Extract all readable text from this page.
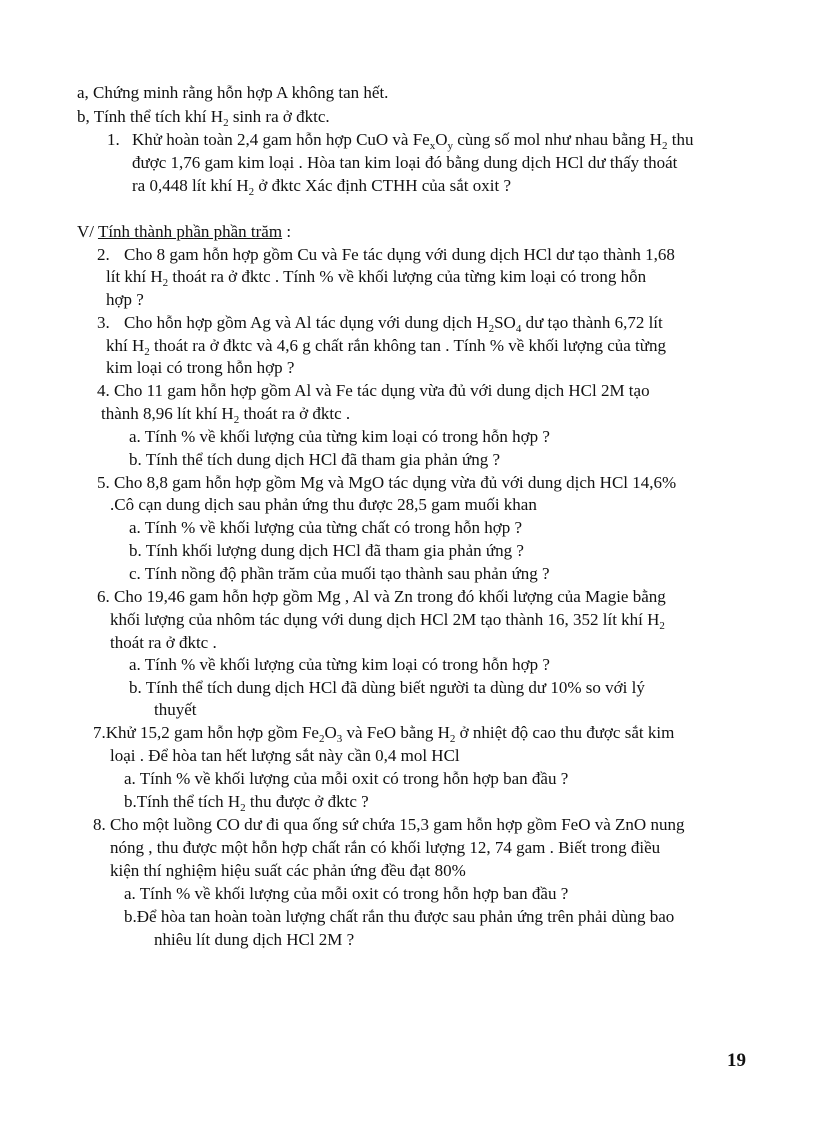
a, Chứng minh rằng hỗn hợp A không tan hết.
b, Tính thể tích khí $H_2$ sinh ra ở đktc.
1. Khử hoàn toàn 2,4 gam hỗn hợp CuO và $Fe_xO_y$ cùng số mol như nhau bằng $H_2$ thu
được 1,76 gam kim loại . Hòa tan kim loại đó bằng dung dịch HCl dư thấy thoát
ra 0,448 lít khí $H_2$ ở đktc Xác định CTHH của sắt oxit ?
V/ Tính thành phần phần trăm :
2. Cho 8 gam hỗn hợp gồm Cu và Fe tác dụng với dung dịch HCl dư tạo thành 1,68
lít khí $H_2$ thoát ra ở đktc . Tính % về khối lượng của từng kim loại có trong hỗn
hợp ?
3. Cho hỗn hợp gồm Ag và Al tác dụng với dung dịch $H_2SO_4$ dư tạo thành 6,72 lít
khí $H_2$ thoát ra ở đktc và 4,6 g chất rắn không tan . Tính % về khối lượng của từng
kim loại có trong hỗn hợp ?
4. Cho 11 gam hỗn hợp gồm Al và Fe tác dụng vừa đủ với dung dịch HCl 2M tạo
thành 8,96 lít khí $H_2$ thoát ra ở đktc .
a. Tính % về khối lượng của từng kim loại có trong hỗn hợp ?
b. Tính thể tích dung dịch HCl đã tham gia phản ứng ?
5. Cho 8,8 gam hỗn hợp gồm Mg và MgO tác dụng vừa đủ với dung dịch HCl 14,6%
.Cô cạn dung dịch sau phản ứng thu được 28,5 gam muối khan
a. Tính % về khối lượng của từng chất có trong hỗn hợp ?
b. Tính khối lượng dung dịch HCl đã tham gia phản ứng ?
c. Tính nồng độ phần trăm của muối tạo thành sau phản ứng ?
6. Cho 19,46 gam hỗn hợp gồm Mg , Al và Zn trong đó khối lượng của Magie bằng
khối lượng của nhôm tác dụng với dung dịch HCl 2M tạo thành 16, 352 lít khí $H_2$
thoát ra ở đktc .
a. Tính % về khối lượng của từng kim loại có trong hỗn hợp ?
b. Tính thể tích dung dịch HCl đã dùng biết người ta dùng dư 10% so với lý
thuyết
7.Khử 15,2 gam hỗn hợp gồm $Fe_2O_3$ và FeO bằng $H_2$ ở nhiệt độ cao thu được sắt kim
loại . Để hòa tan hết lượng sắt này cần 0,4 mol HCl
a. Tính % về khối lượng của mỗi oxit có trong hỗn hợp ban đầu ?
b.Tính thể tích $H_2$ thu được ở đktc ?
8. Cho một luồng CO dư đi qua ống sứ chứa 15,3 gam hỗn hợp gồm FeO và ZnO nung
nóng , thu được một hỗn hợp chất rắn có khối lượng 12, 74 gam . Biết trong điều
kiện thí nghiệm hiệu suất các phản ứng đều đạt 80%
a. Tính % về khối lượng của mỗi oxit có trong hỗn hợp ban đầu ?
b.Để hòa tan hoàn toàn lượng chất rắn thu được sau phản ứng trên phải dùng bao
nhiêu lít dung dịch HCl 2M ?
19
